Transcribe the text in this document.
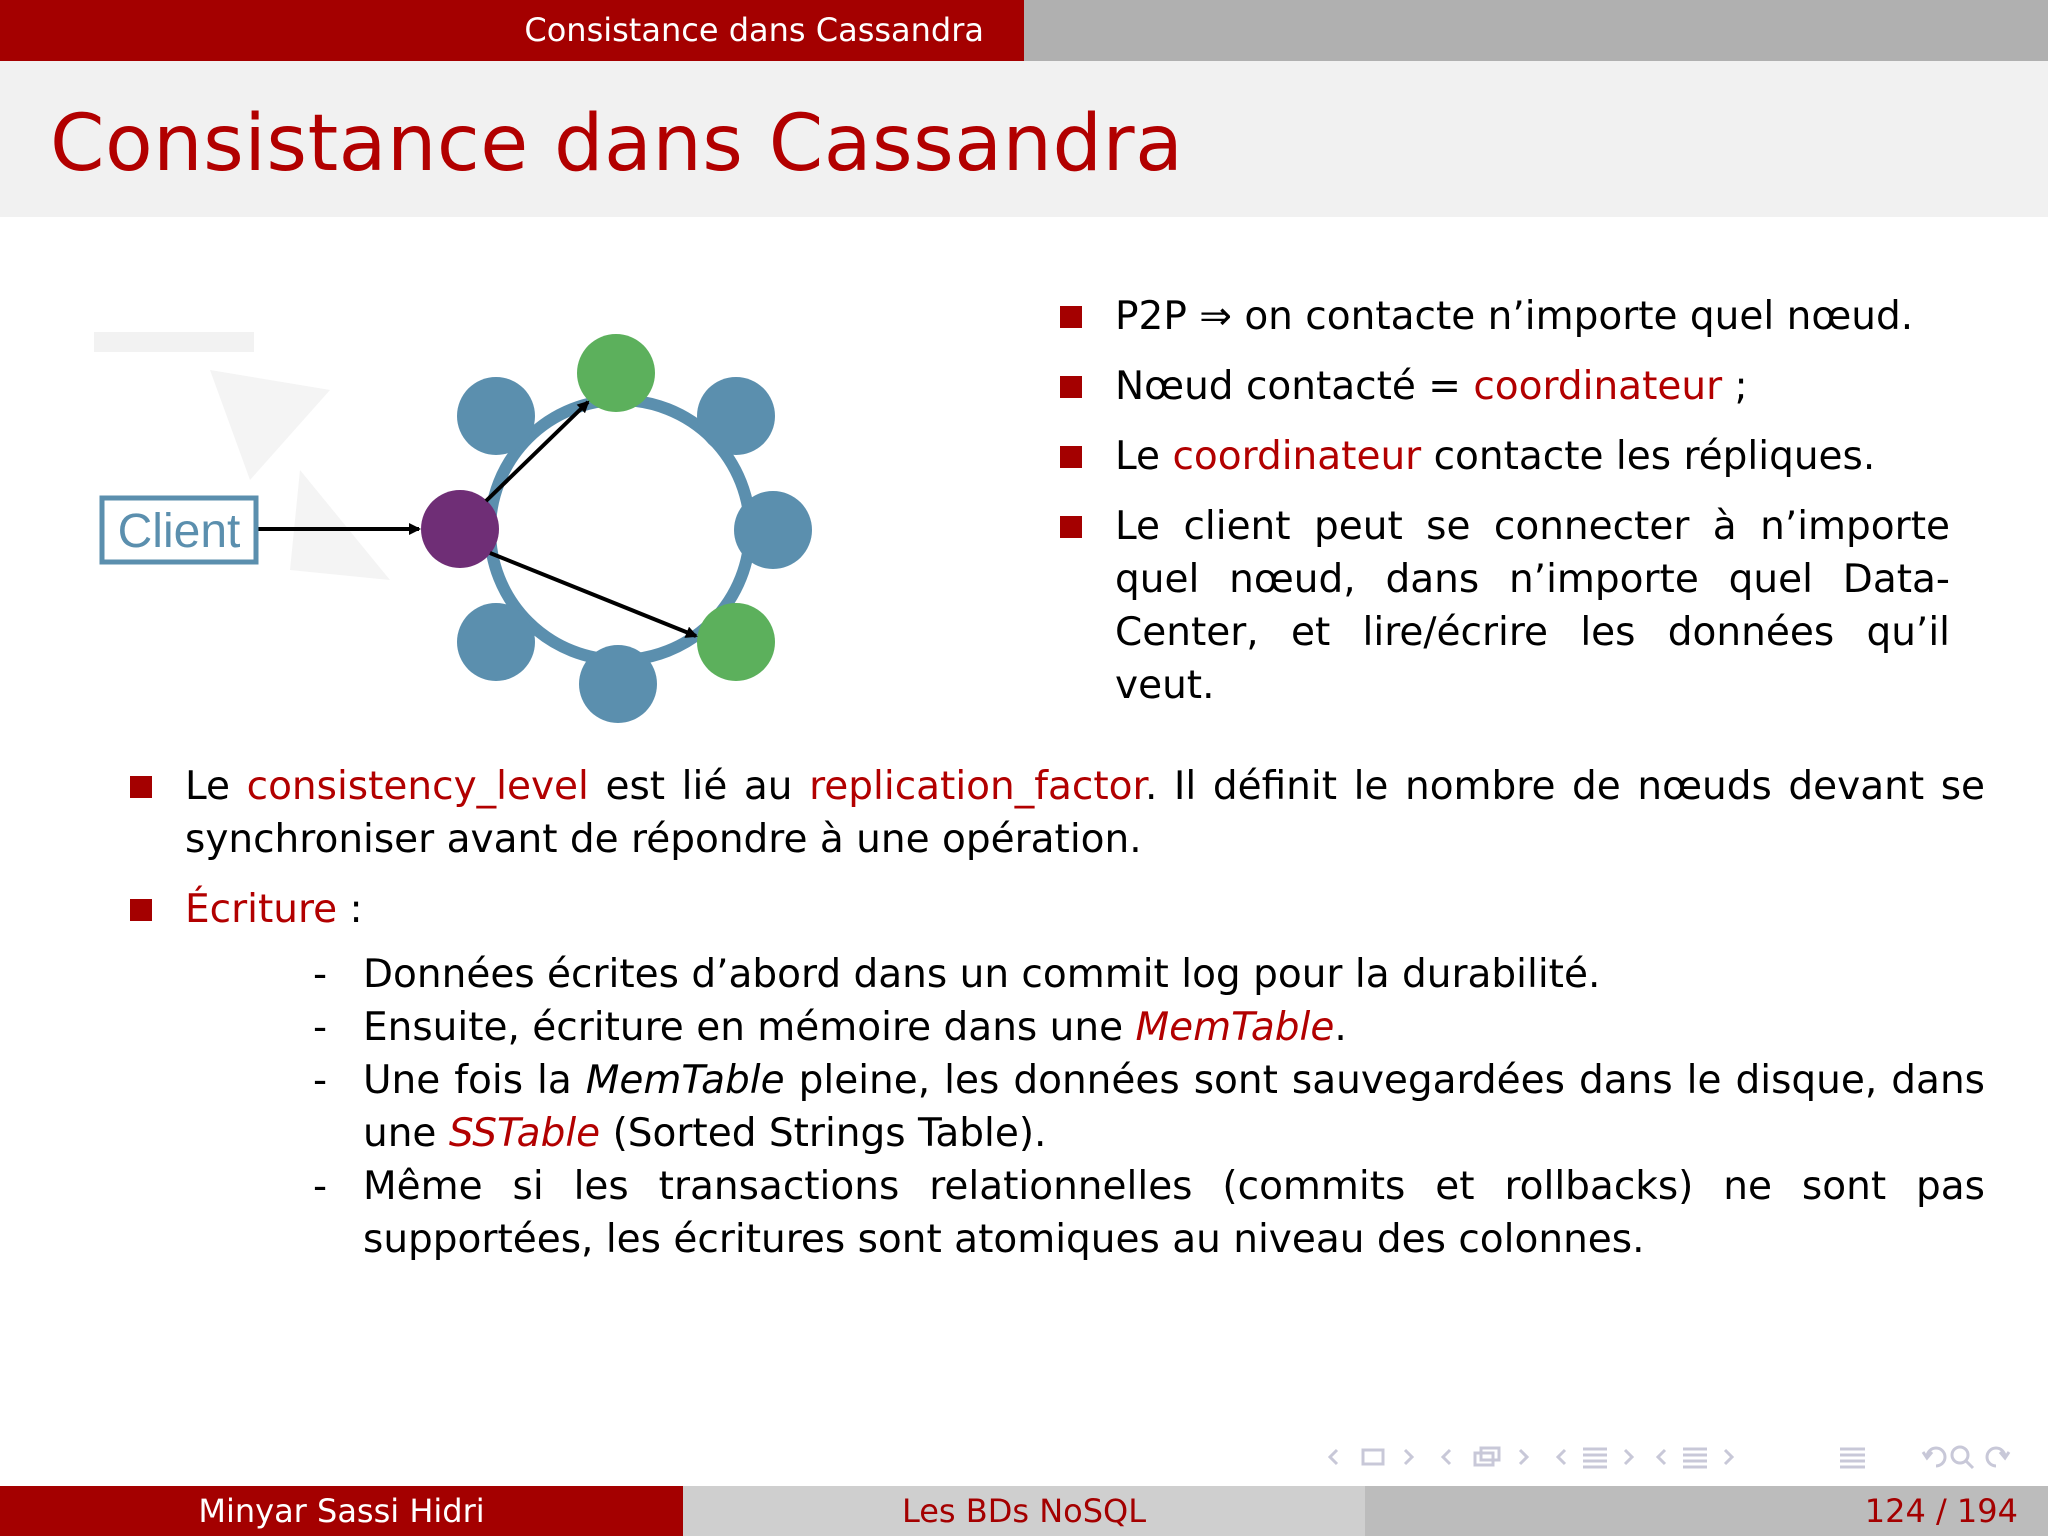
Consistance dans Cassandra
Consistance dans Cassandra
Client
P2P ⇒ on contacte n’importe quel nœud.
Nœud contacté = coordinateur ;
Le coordinateur contacte les répliques.
Le client peut se connecter à n’importe quel nœud, dans n’importe quel Data-Center, et lire/écrire les données qu’il veut.
Le consistency_level est lié au replication_factor. Il définit le nombre de nœuds devant se synchroniser avant de répondre à une opération.
Écriture :
- Données écrites d’abord dans un commit log pour la durabilité.
- Ensuite, écriture en mémoire dans une MemTable.
- Une fois la MemTable pleine, les données sont sauvegardées dans le disque, dans une SSTable (Sorted Strings Table).
- Même si les transactions relationnelles (commits et rollbacks) ne sont pas supportées, les écritures sont atomiques au niveau des colonnes.
Minyar Sassi Hidri	Les BDs NoSQL	124 / 194
